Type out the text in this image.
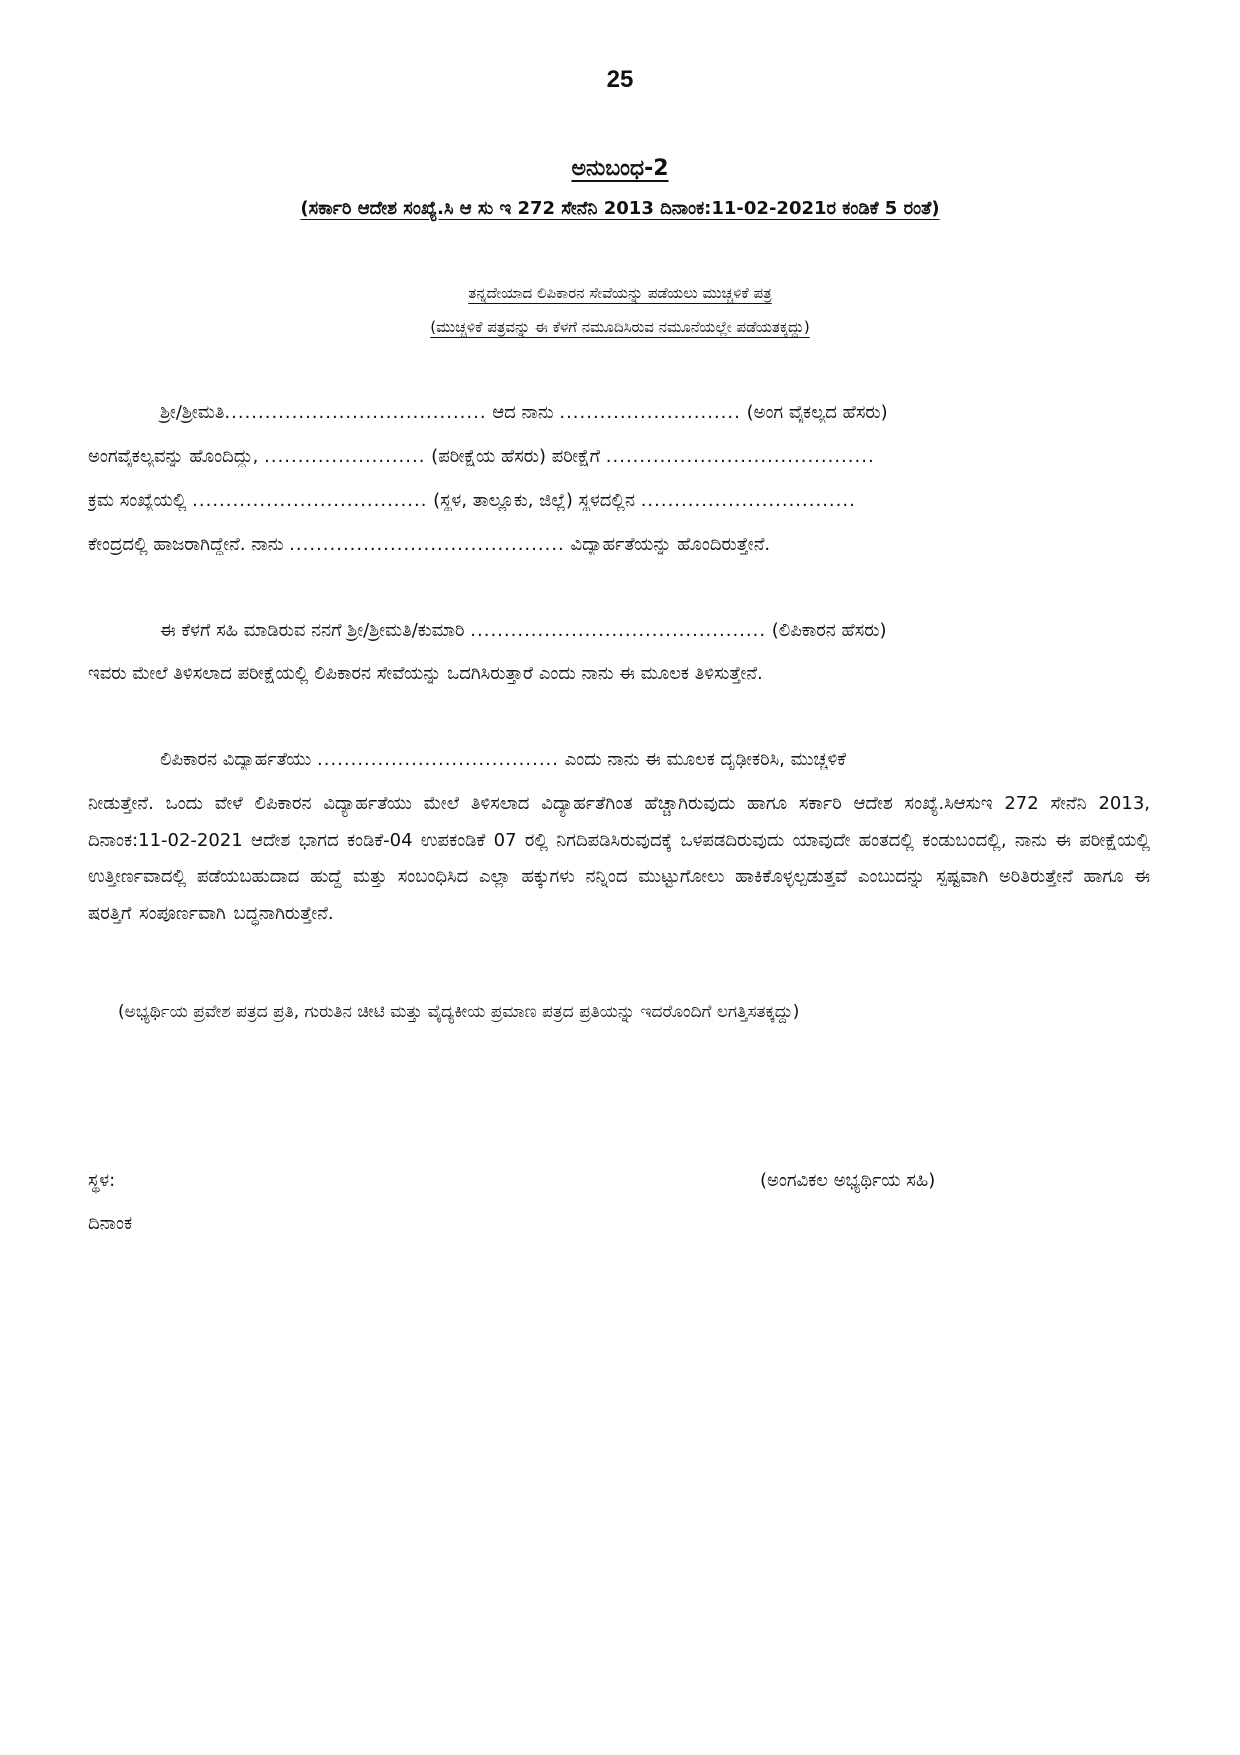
25
ಅನುಬಂಧ-2
(ಸರ್ಕಾರಿ ಆದೇಶ ಸಂಖ್ಯೆ.ಸಿ ಆ ಸು ಇ 272 ಸೇನೆನಿ 2013 ದಿನಾಂಕ:11-02-2021ರ ಕಂಡಿಕೆ 5 ರಂತೆ)
ತನ್ನದೇಯಾದ ಲಿಪಿಕಾರನ ಸೇವೆಯನ್ನು ಪಡೆಯಲು ಮುಚ್ಚಳಿಕೆ ಪತ್ರ
(ಮುಚ್ಚಳಿಕೆ ಪತ್ರವನ್ನು ಈ ಕೆಳಗೆ ನಮೂದಿಸಿರುವ ನಮೂನೆಯಲ್ಲೇ ಪಡೆಯತಕ್ಕದ್ದು)
ಶ್ರೀ/ಶ್ರೀಮತಿ....................................... ಆದ ನಾನು ........................... (ಅಂಗ ವೈಕಲ್ಯದ ಹೆಸರು)
ಅಂಗವೈಕಲ್ಯವನ್ನು ಹೊಂದಿದ್ದು, ........................ (ಪರೀಕ್ಷೆಯ ಹೆಸರು) ಪರೀಕ್ಷೆಗೆ ........................................
ಕ್ರಮ ಸಂಖ್ಯೆಯಲ್ಲಿ ................................... (ಸ್ಥಳ, ತಾಲ್ಲೂಕು, ಜಿಲ್ಲೆ) ಸ್ಥಳದಲ್ಲಿನ ................................
ಕೇಂದ್ರದಲ್ಲಿ ಹಾಜರಾಗಿದ್ದೇನೆ. ನಾನು ......................................... ವಿದ್ಯಾರ್ಹತೆಯನ್ನು ಹೊಂದಿರುತ್ತೇನೆ.
ಈ ಕೆಳಗೆ ಸಹಿ ಮಾಡಿರುವ ನನಗೆ ಶ್ರೀ/ಶ್ರೀಮತಿ/ಕುಮಾರಿ ............................................ (ಲಿಪಿಕಾರನ ಹೆಸರು)
ಇವರು ಮೇಲೆ ತಿಳಿಸಲಾದ ಪರೀಕ್ಷೆಯಲ್ಲಿ ಲಿಪಿಕಾರನ ಸೇವೆಯನ್ನು ಒದಗಿಸಿರುತ್ತಾರೆ ಎಂದು ನಾನು ಈ ಮೂಲಕ ತಿಳಿಸುತ್ತೇನೆ.
ಲಿಪಿಕಾರನ ವಿದ್ಯಾರ್ಹತೆಯು .................................... ಎಂದು ನಾನು ಈ ಮೂಲಕ ದೃಢೀಕರಿಸಿ, ಮುಚ್ಚಳಿಕೆ
ನೀಡುತ್ತೇನೆ. ಒಂದು ವೇಳೆ ಲಿಪಿಕಾರನ ವಿದ್ಯಾರ್ಹತೆಯು ಮೇಲೆ ತಿಳಿಸಲಾದ ವಿದ್ಯಾರ್ಹತೆಗಿಂತ ಹೆಚ್ಚಾಗಿರುವುದು ಹಾಗೂ ಸರ್ಕಾರಿ ಆದೇಶ ಸಂಖ್ಯೆ.ಸಿಆಸುಇ 272 ಸೇನೆನಿ 2013, ದಿನಾಂಕ:11-02-2021 ಆದೇಶ ಭಾಗದ ಕಂಡಿಕೆ-04 ಉಪಕಂಡಿಕೆ 07 ರಲ್ಲಿ ನಿಗದಿಪಡಿಸಿರುವುದಕ್ಕೆ ಒಳಪಡದಿರುವುದು ಯಾವುದೇ ಹಂತದಲ್ಲಿ ಕಂಡುಬಂದಲ್ಲಿ, ನಾನು ಈ ಪರೀಕ್ಷೆಯಲ್ಲಿ ಉತ್ತೀರ್ಣವಾದಲ್ಲಿ ಪಡೆಯಬಹುದಾದ ಹುದ್ದೆ ಮತ್ತು ಸಂಬಂಧಿಸಿದ ಎಲ್ಲಾ ಹಕ್ಕುಗಳು ನನ್ನಿಂದ ಮುಟ್ಟುಗೋಲು ಹಾಕಿಕೊಳ್ಳಲ್ಪಡುತ್ತವೆ ಎಂಬುದನ್ನು ಸ್ಪಷ್ಟವಾಗಿ ಅರಿತಿರುತ್ತೇನೆ ಹಾಗೂ ಈ ಷರತ್ತಿಗೆ ಸಂಪೂರ್ಣವಾಗಿ ಬದ್ಧನಾಗಿರುತ್ತೇನೆ.
(ಅಭ್ಯರ್ಥಿಯ ಪ್ರವೇಶ ಪತ್ರದ ಪ್ರತಿ, ಗುರುತಿನ ಚೀಟಿ ಮತ್ತು ವೈದ್ಯಕೀಯ ಪ್ರಮಾಣ ಪತ್ರದ ಪ್ರತಿಯನ್ನು ಇದರೊಂದಿಗೆ ಲಗತ್ತಿಸತಕ್ಕದ್ದು)
ಸ್ಥಳ:	(ಅಂಗವಿಕಲ ಅಭ್ಯರ್ಥಿಯ ಸಹಿ)
ದಿನಾಂಕ
